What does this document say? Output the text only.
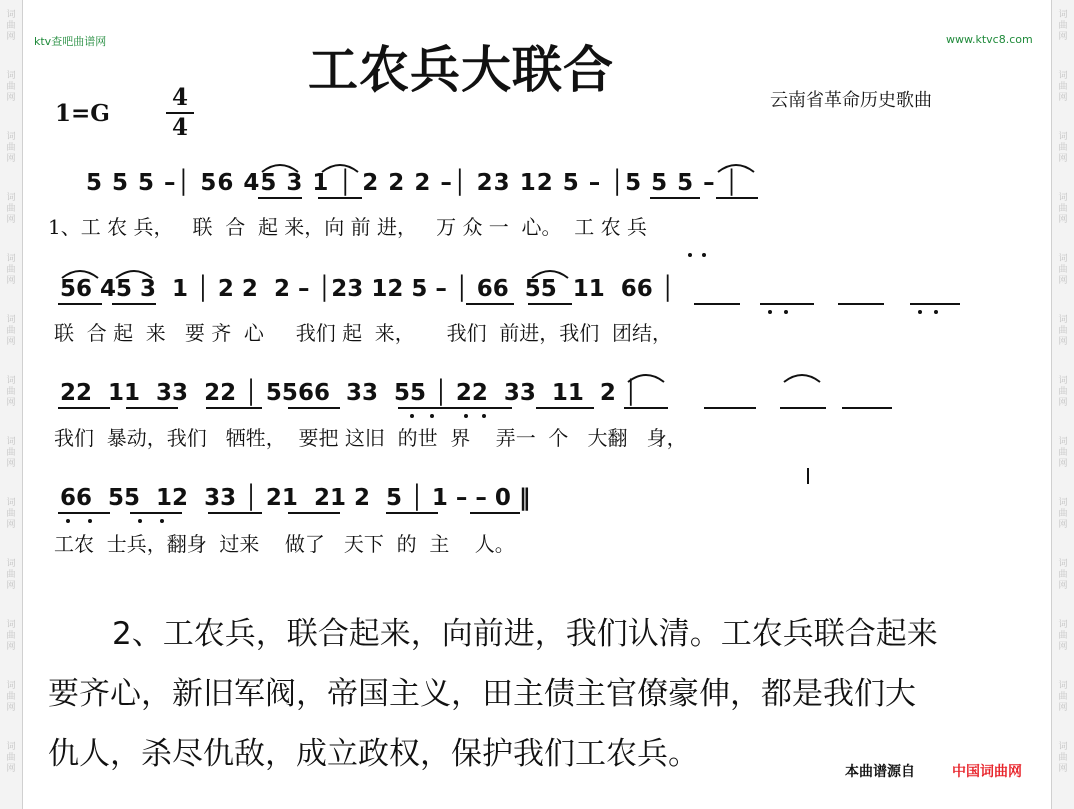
词
曲
网
词
曲
网
词
曲
网
词
曲
网
词
曲
网
词
曲
网
词
曲
网
词
曲
网
词
曲
网
词
曲
网
词
曲
网
词
曲
网
词
曲
网
词
曲
网
词
曲
网
词
曲
网
词
曲
网
词
曲
网
词
曲
网
词
曲
网
词
曲
网
词
曲
网
词
曲
网
词
曲
网
词
曲
网
词
曲
网
ktv查吧曲谱网	www.ktvc8.com
工农兵大联合
云南省革命历史歌曲
1=G
4
4
5 5 5 –│ 56 45 3 1 │ 2 2 2 –│ 23 12 5 – │5 5 5 – │
1、工 农 兵，   联  合  起 来，向 前 进，   万 众 一  心。  工 农 兵
56 45 3  1 │ 2 2  2 – │23 12 5 – │ 66  55  11  66 │
联  合 起  来   要 齐  心     我们 起  来，     我们  前进，我们  团结，
22  11  33  22 │ 5566  33  55 │ 22  33  11  2 │
我们  暴动，我们   牺牲，  要把 这旧  的世  界    弄一  个   大翻   身，
66  55  12  33 │ 21  21 2  5 │ 1 – – 0 ‖
工农  士兵，翻身  过来    做了   天下  的  主    人。
2、工农兵，联合起来，向前进，我们认清。工农兵联合起来
要齐心，新旧军阀，帝国主义，田主债主官僚豪伸，都是我们大
仇人，杀尽仇敌，成立政权，保护我们工农兵。	本曲谱源自	中国词曲网
